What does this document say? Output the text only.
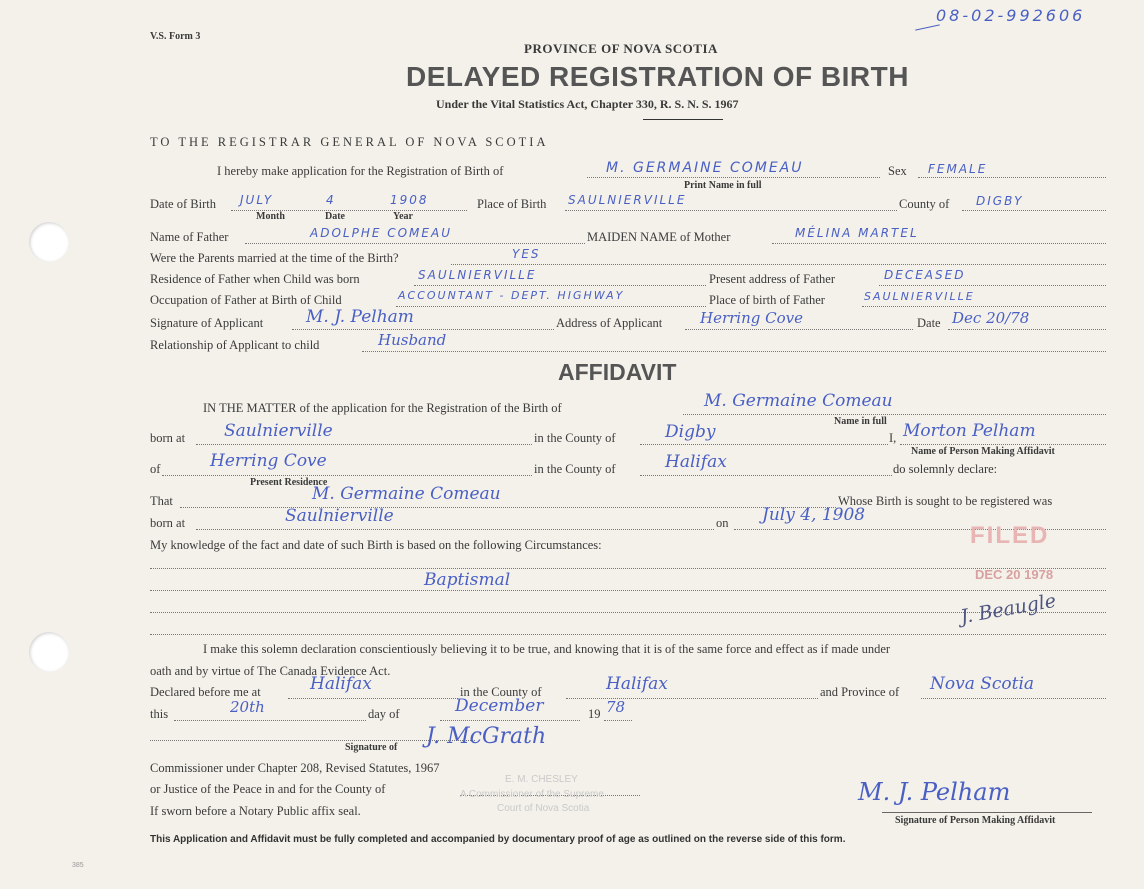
V.S. Form 3
08-02-992606
PROVINCE OF NOVA SCOTIA
DELAYED REGISTRATION OF BIRTH
Under the Vital Statistics Act, Chapter 330, R. S. N. S. 1967
TO THE REGISTRAR GENERAL OF NOVA SCOTIA
I hereby make application for the Registration of Birth of	M. GERMAINE COMEAU
Print Name in full
Sex FEMALE
Date of Birth JULY	4	1908
Month	Date	Year
Place of Birth SAULNIERVILLE	County of DIGBY
Name of Father	ADOLPHE COMEAU	MAIDEN NAME of Mother	MÉLINA MARTEL
Were the Parents married at the time of the Birth?	YES
Residence of Father when Child was born	SAULNIERVILLE	Present address of Father	DECEASED
Occupation of Father at Birth of Child	ACCOUNTANT - DEPT. HIGHWAY	Place of birth of Father	SAULNIERVILLE
Signature of Applicant	M. J. Pelham	Address of Applicant	Herring Cove	Date Dec 20/78
Relationship of Applicant to child	Husband
AFFIDAVIT
IN THE MATTER of the application for the Registration of the Birth of	M. Germaine Comeau
Name in full
born at Saulnierville	in the County of	Digby	I, Morton Pelham
Name of Person Making Affidavit
of	Herring Cove
Present Residence
in the County of	Halifax	do solemnly declare:
That	M. Germaine Comeau	Whose Birth is sought to be registered was
born at	Saulnierville	on July 4, 1908
My knowledge of the fact and date of such Birth is based on the following Circumstances:
Baptismal
FILED
DEC 20 1978
J. Beaugle
I make this solemn declaration conscientiously believing it to be true, and knowing that it is of the same force and effect as if made under
oath and by virtue of The Canada Evidence Act.
Declared before me at	Halifax	in the County of	Halifax	and Province of Nova Scotia
this	20th	day of	December	19 78
J. McGrath
Signature of
Commissioner under Chapter 208, Revised Statutes, 1967
or Justice of the Peace in and for the County of
If sworn before a Notary Public affix seal.
E. M. CHESLEY
A Commissioner of the Supreme
Court of Nova Scotia
M. J. Pelham
Signature of Person Making Affidavit
This Application and Affidavit must be fully completed and accompanied by documentary proof of age as outlined on the reverse side of this form.
385
